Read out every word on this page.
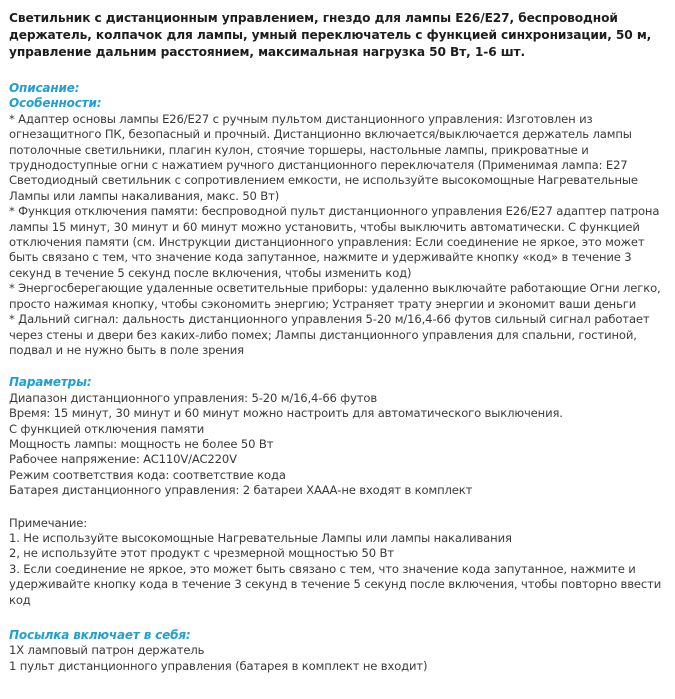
Светильник с дистанционным управлением, гнездо для лампы E26/E27, беспроводной держатель, колпачок для лампы, умный переключатель с функцией синхронизации, 50 м, управление дальним расстоянием, максимальная нагрузка 50 Вт, 1-6 шт.
Описание:
Особенности:

* Адаптер основы лампы E26/E27 с ручным пультом дистанционного управления: Изготовлен из огнезащитного ПК, безопасный и прочный. Дистанционно включается/выключается держатель лампы потолочные светильники, плагин кулон, стоячие торшеры, настольные лампы, прикроватные и труднодоступные огни с нажатием ручного дистанционного переключателя (Применимая лампа: E27 Светодиодный светильник с сопротивлением емкости, не используйте высокомощные Нагревательные Лампы или лампы накаливания, макс. 50 Вт)

* Функция отключения памяти: беспроводной пульт дистанционного управления E26/E27 адаптер патрона лампы 15 минут, 30 минут и 60 минут можно установить, чтобы выключить автоматически. С функцией отключения памяти (см. Инструкции дистанционного управления: Если соединение не яркое, это может быть связано с тем, что значение кода запутанное, нажмите и удерживайте кнопку «код» в течение 3 секунд в течение 5 секунд после включения, чтобы изменить код)

* Энергосберегающие удаленные осветительные приборы: удаленно выключайте работающие Огни легко, просто нажимая кнопку, чтобы сэкономить энергию; Устраняет трату энергии и экономит ваши деньги

* Дальний сигнал: дальность дистанционного управления 5-20 м/16,4-66 футов сильный сигнал работает через стены и двери без каких-либо помех; Лампы дистанционного управления для спальни, гостиной, подвал и не нужно быть в поле зрения

Параметры:

Диапазон дистанционного управления: 5-20 м/16,4-66 футов

Время: 15 минут, 30 минут и 60 минут можно настроить для автоматического выключения.

С функцией отключения памяти

Мощность лампы: мощность не более 50 Вт

Рабочее напряжение: AC110V/AC220V

Режим соответствия кода: соответствие кода

Батарея дистанционного управления: 2 батареи ХААА-не входят в комплект

Примечание:

1. Не используйте высокомощные Нагревательные Лампы или лампы накаливания

2, не используйте этот продукт с чрезмерной мощностью 50 Вт

3. Если соединение не яркое, это может быть связано с тем, что значение кода запутанное, нажмите и удерживайте кнопку кода в течение 3 секунд в течение 5 секунд после включения, чтобы повторно ввести код

Посылка включает в себя:

1X ламповый патрон держатель

1 пульт дистанционного управления (батарея в комплект не входит)
